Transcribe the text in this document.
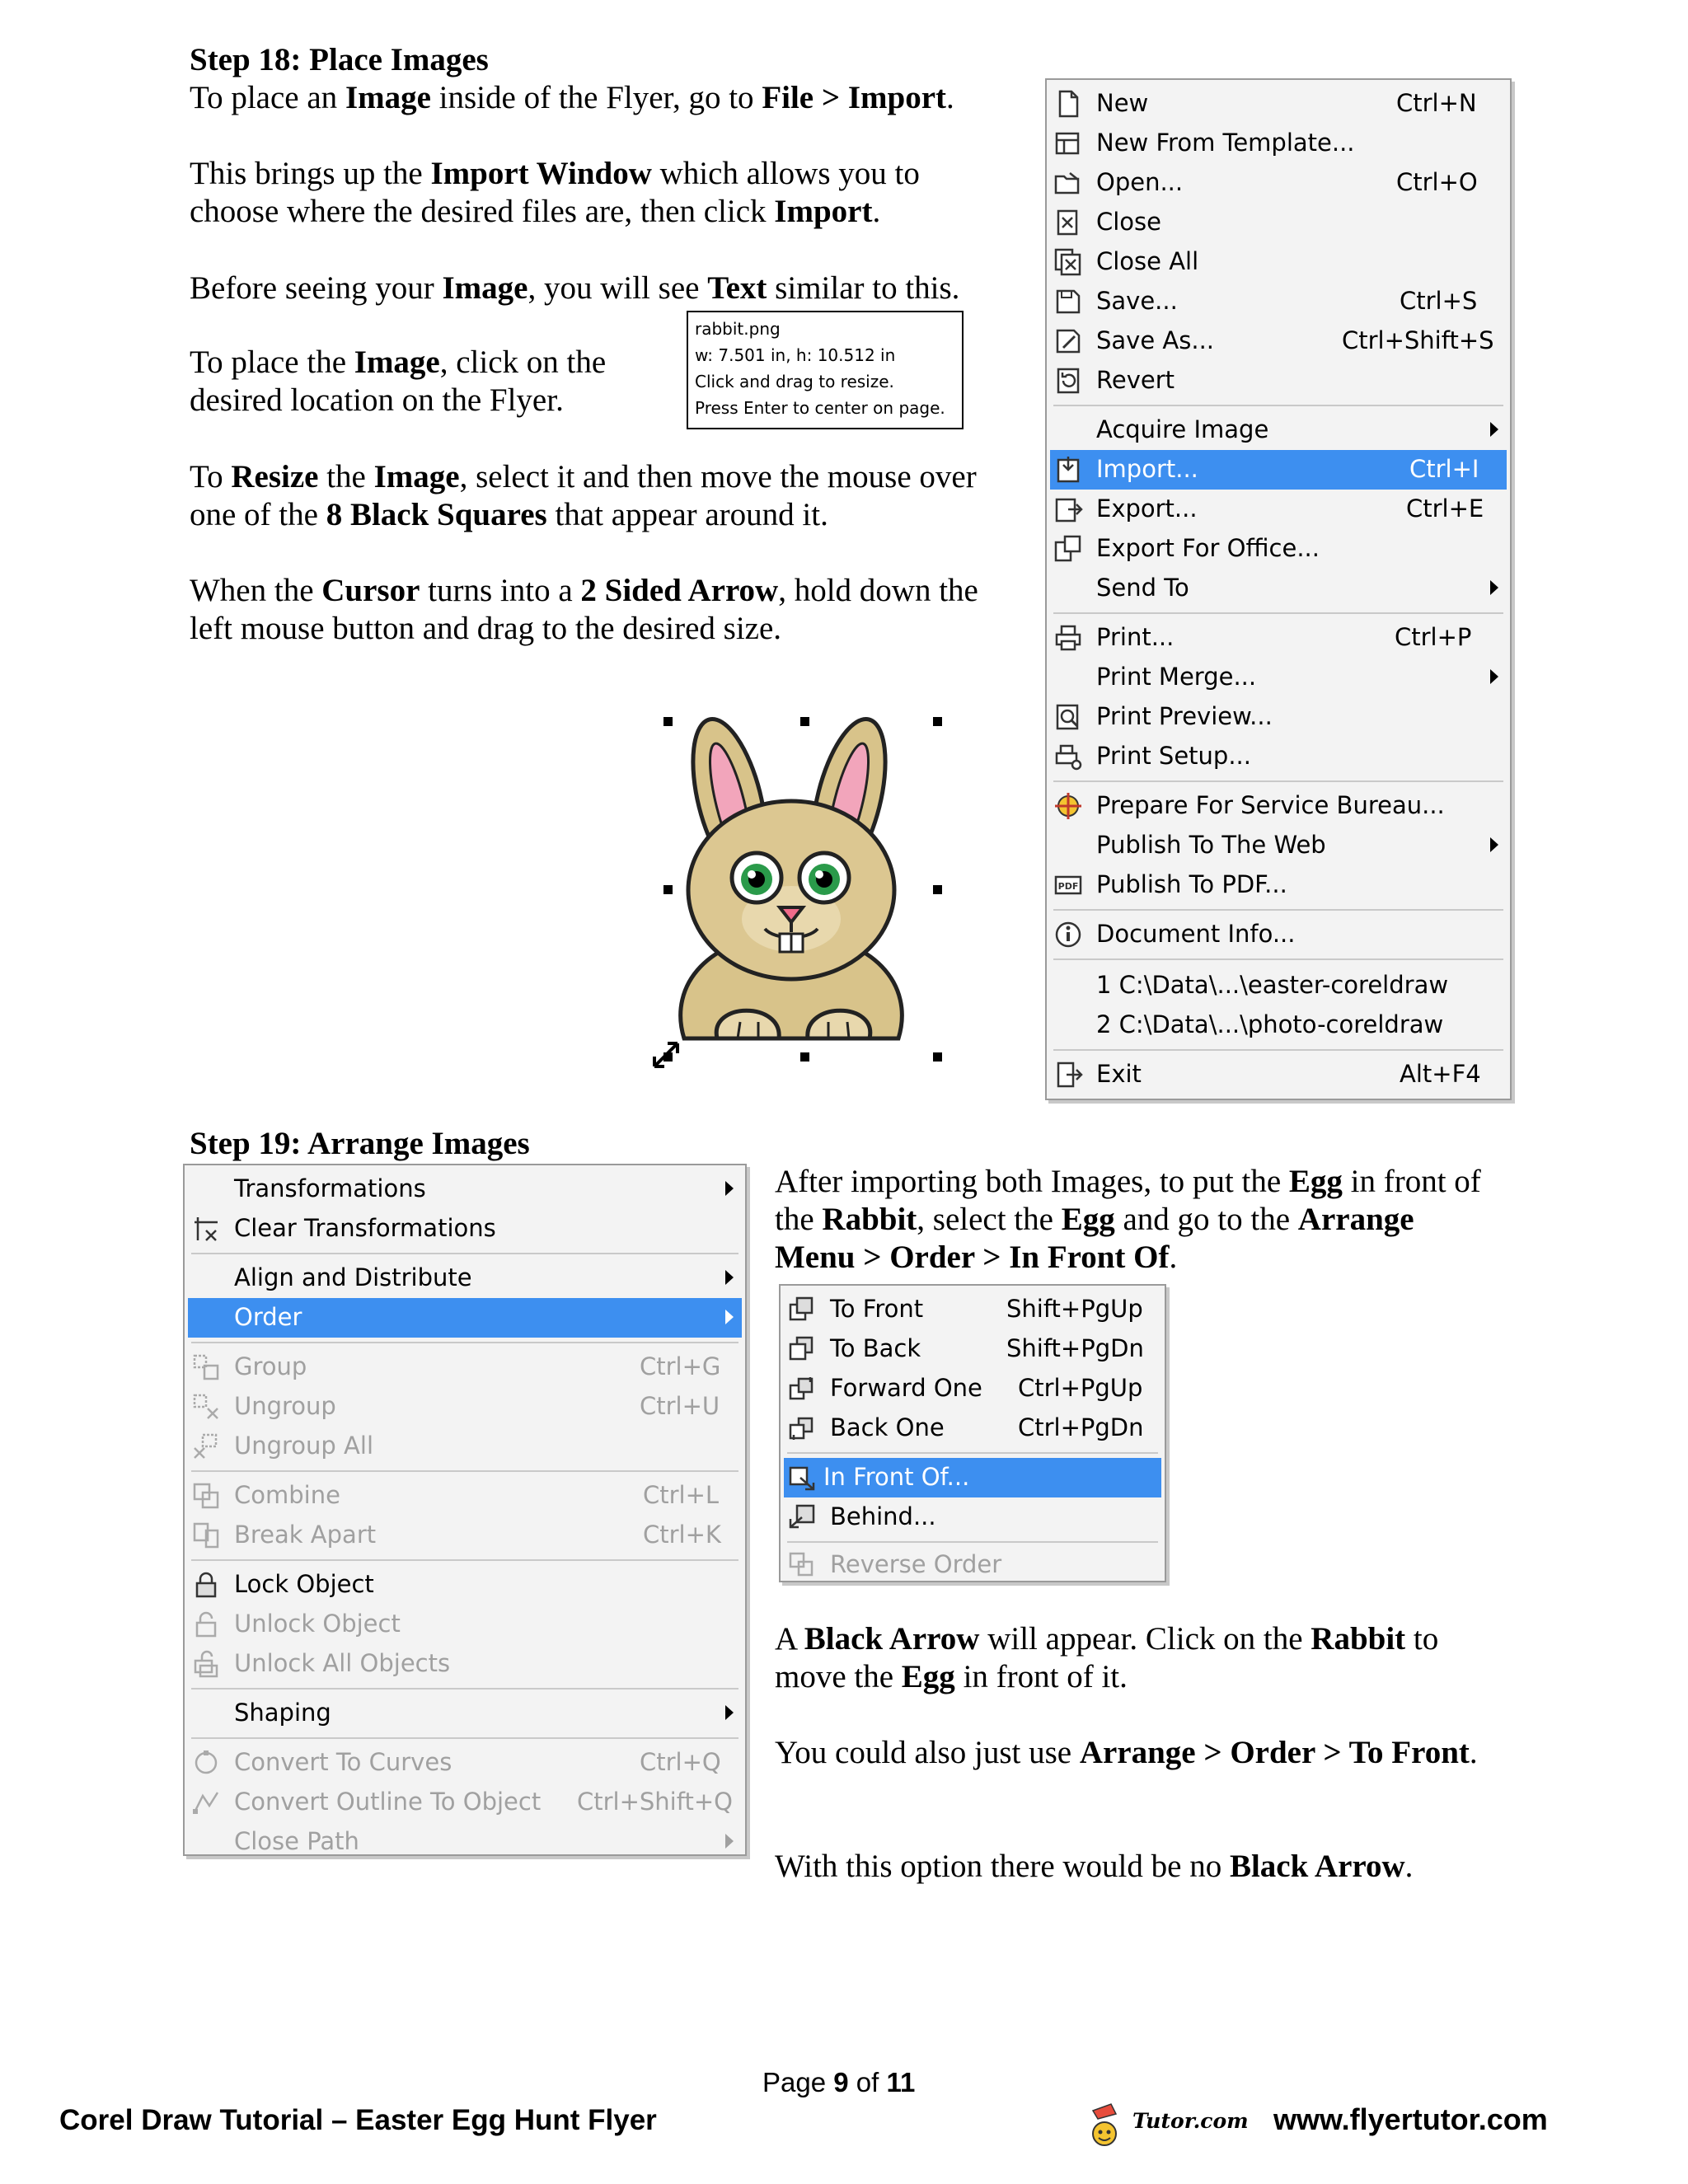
Step 18: Place Images

To place an Image inside of the Flyer, go to File > Import.

This brings up the Import Window which allows you to choose where the desired files are, then click Import.
Before seeing your Image, you will see Text similar to this.
To place the Image, click on the desired location on the Flyer.
rabbit.png
w: 7.501 in, h: 10.512 in
Click and drag to resize.
Press Enter to center on page.
To Resize the Image, select it and then move the mouse over one of the 8 Black Squares that appear around it.
When the Cursor turns into a 2 Sided Arrow, hold down the left mouse button and drag to the desired size.
New	Ctrl+N
New From Template...
Open...	Ctrl+O
Close
Close All
Save...	Ctrl+S
Save As...	Ctrl+Shift+S
Revert
Acquire Image
Import...	Ctrl+I
Export...	Ctrl+E
Export For Office...
Send To
Print...	Ctrl+P
Print Merge...
Print Preview...
Print Setup...
Prepare For Service Bureau...
Publish To The Web
PDF Publish To PDF...
Document Info...
1 C:\Data\...\easter-coreldraw
2 C:\Data\...\photo-coreldraw
Exit	Alt+F4
Step 19: Arrange Images
Transformations
Clear Transformations
Align and Distribute
Order
Group	Ctrl+G
Ungroup	Ctrl+U
Ungroup All
Combine	Ctrl+L
Break Apart	Ctrl+K
Lock Object
Unlock Object
Unlock All Objects
Shaping
Convert To Curves	Ctrl+Q
Convert Outline To Object Ctrl+Shift+Q
Close Path
After importing both Images, to put the Egg in front of the Rabbit, select the Egg and go to the Arrange Menu > Order > In Front Of.
To Front	Shift+PgUp
To Back	Shift+PgDn
Forward One Ctrl+PgUp
Back One	Ctrl+PgDn
In Front Of...
Behind...
Reverse Order
A Black Arrow will appear. Click on the Rabbit to move the Egg in front of it.
You could also just use Arrange > Order > To Front.
With this option there would be no Black Arrow.
Page 9 of 11
Corel Draw Tutorial – Easter Egg Hunt Flyer	Tutor.com www.flyertutor.com
